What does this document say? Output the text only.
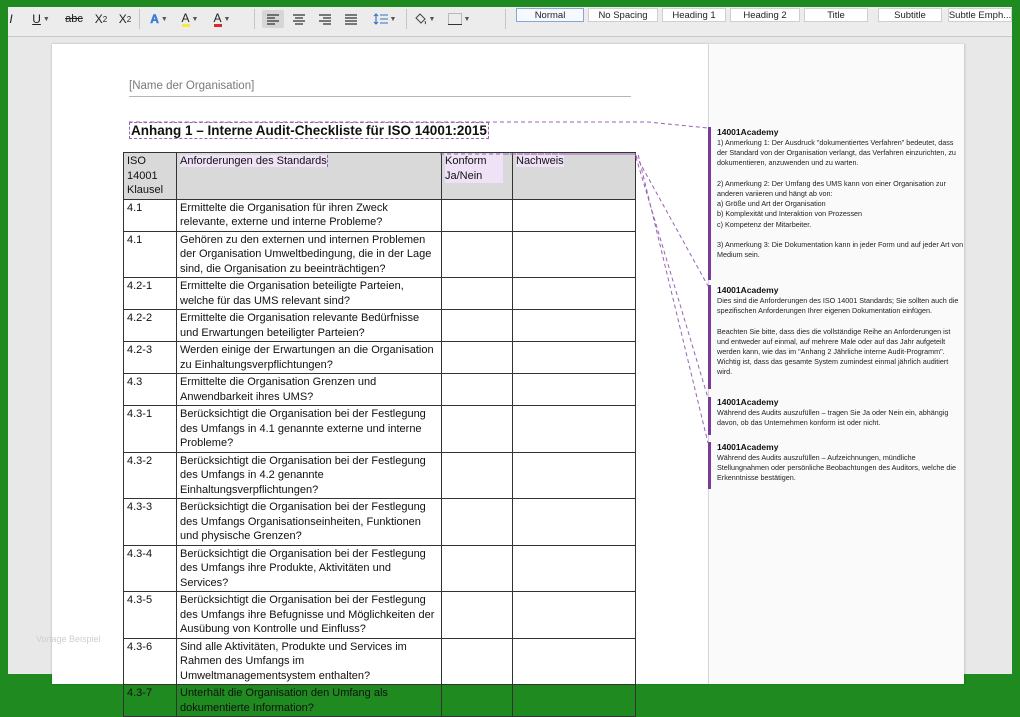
I U ▼ abc X 2 X 2 A ▼ A ▼ A ▼	▼	▼	▼	Normal	No Spacing	Heading 1	Heading 2	Title	Subtitle	Subtle Emph...
[Name der Organisation]
Anhang 1 – Interne Audit-Checkliste für ISO 14001:2015
ISO 14001 Klausel	Anforderungen des Standards	Konform Ja/Nein	Nachweis
4.1	Ermittelte die Organisation für ihren Zweck relevante, externe und interne Probleme?		
4.1	Gehören zu den externen und internen Problemen der Organisation Umweltbedingung, die in der Lage sind, die Organisation zu beeinträchtigen?		
4.2-1	Ermittelte die Organisation beteiligte Parteien, welche für das UMS relevant sind?		
4.2-2	Ermittelte die Organisation relevante Bedürfnisse und Erwartungen beteiligter Parteien?		
4.2-3	Werden einige der Erwartungen an die Organisation zu Einhaltungsverpflichtungen?		
4.3	Ermittelte die Organisation Grenzen und Anwendbarkeit ihres UMS?		
4.3-1	Berücksichtigt die Organisation bei der Festlegung des Umfangs in 4.1 genannte externe und interne Probleme?		
4.3-2	Berücksichtigt die Organisation bei der Festlegung des Umfangs in 4.2 genannte Einhaltungsverpflichtungen?		
4.3-3	Berücksichtigt die Organisation bei der Festlegung des Umfangs Organisationseinheiten, Funktionen und physische Grenzen?		
4.3-4	Berücksichtigt die Organisation bei der Festlegung des Umfangs ihre Produkte, Aktivitäten und Services?		
4.3-5	Berücksichtigt die Organisation bei der Festlegung des Umfangs ihre Befugnisse und Möglichkeiten der Ausübung von Kontrolle und Einfluss?		
4.3-6	Sind alle Aktivitäten, Produkte und Services im Rahmen des Umfangs im Umweltmanagementsystem enthalten?		
4.3-7	Unterhält die Organisation den Umfang als dokumentierte Information?		
14001Academy
1) Anmerkung 1: Der Ausdruck "dokumentiertes Verfahren" bedeutet, dass der Standard von der Organisation verlangt, das Verfahren einzurichten, zu dokumentieren, anzuwenden und zu warten.

2) Anmerkung 2: Der Umfang des UMS kann von einer Organisation zur anderen variieren und hängt ab von:
a) Größe und Art der Organisation
b) Komplexität und Interaktion von Prozessen
c) Kompetenz der Mitarbeiter.

3) Anmerkung 3: Die Dokumentation kann in jeder Form und auf jeder Art von Medium sein.
14001Academy
Dies sind die Anforderungen des ISO 14001 Standards; Sie sollten auch die spezifischen Anforderungen Ihrer eigenen Dokumentation einfügen.

Beachten Sie bitte, dass dies die vollständige Reihe an Anforderungen ist und entweder auf einmal, auf mehrere Male oder auf das Jahr aufgeteilt werden kann, wie das im "Anhang 2 Jährliche interne Audit-Programm". Wichtig ist, dass das gesamte System zumindest einmal jährlich auditiert wird.
14001Academy
Während des Audits auszufüllen – tragen Sie Ja oder Nein ein, abhängig davon, ob das Unternehmen konform ist oder nicht.
14001Academy
Während des Audits auszufüllen – Aufzeichnungen, mündliche Stellungnahmen oder persönliche Beobachtungen des Auditors, welche die Erkenntnisse bestätigen.
Vorlage Beispiel
